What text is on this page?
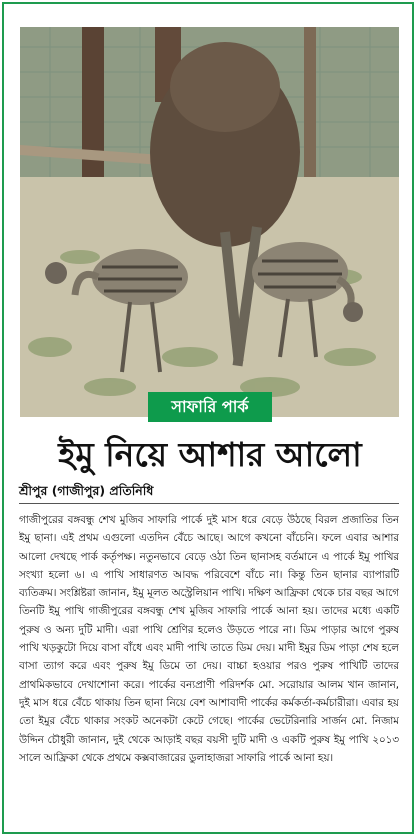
সাফারি পার্ক
ইমু নিয়ে আশার আলো
শ্রীপুর (গাজীপুর) প্রতিনিধি

গাজীপুরের বঙ্গবন্ধু শেখ মুজিব সাফারি পার্কে দুই মাস ধরে বেড়ে উঠছে বিরল প্রজাতির তিন ইমু ছানা। এই প্রথম এগুলো এতদিন বেঁচে আছে। আগে কখনো বাঁচেনি। ফলে এবার আশার আলো দেখছে পার্ক কর্তৃপক্ষ। নতুনভাবে বেড়ে ওঠা তিন ছানাসহ বর্তমানে এ পার্কে ইমু পাখির সংখ্যা হলো ৬। এ পাখি সাধারণত আবদ্ধ পরিবেশে বাঁচে না। কিন্তু তিন ছানার ব্যাপারটি ব্যতিক্রম। সংশ্লিষ্টরা জানান, ইমু মূলত অস্ট্রেলিয়ান পাখি। দক্ষিণ আফ্রিকা থেকে চার বছর আগে তিনটি ইমু পাখি গাজীপুরের বঙ্গবন্ধু শেখ মুজিব সাফারি পার্কে আনা হয়। তাদের মধ্যে একটি পুরুষ ও অন্য দুটি মাদী। এরা পাখি শ্রেণির হলেও উড়তে পারে না। ডিম পাড়ার আগে পুরুষ পাখি খড়কুটো দিয়ে বাসা বাঁধে এবং মাদী পাখি তাতে ডিম দেয়। মাদী ইমুর ডিম পাড়া শেষ হলে বাসা ত্যাগ করে এবং পুরুষ ইমু ডিমে তা দেয়। বাচ্চা হওয়ার পরও পুরুষ পাখিটি তাদের প্রাথমিকভাবে দেখাশোনা করে। পার্কের বন্যপ্রাণী পরিদর্শক মো. সরোয়ার আলম খান জানান, দুই মাস ধরে বেঁচে থাকায় তিন ছানা নিয়ে বেশ আশাবাদী পার্কের কর্মকর্তা-কর্মচারীরা। এবার হয় তো ইমুর বেঁচে থাকার সংকট অনেকটা কেটে গেছে। পার্কের ভেটেরিনারি সার্জন মো. নিজাম উদ্দিন চৌধুরী জানান, দুই থেকে আড়াই বছর বয়সী দুটি মাদী ও একটি পুরুষ ইমু পাখি ২০১৩ সালে আফ্রিকা থেকে প্রথমে কক্সবাজারের ডুলাহাজরা সাফারি পার্কে আনা হয়।
